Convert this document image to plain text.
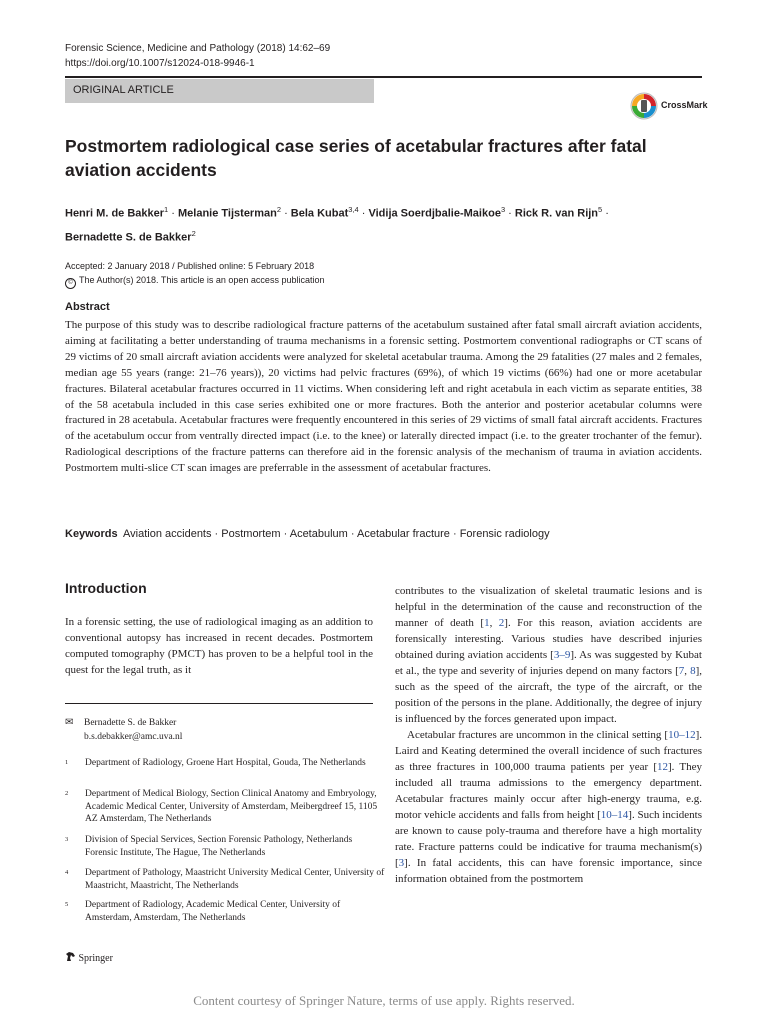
Forensic Science, Medicine and Pathology (2018) 14:62–69
https://doi.org/10.1007/s12024-018-9946-1
ORIGINAL ARTICLE
CrossMark
Postmortem radiological case series of acetabular fractures after fatal aviation accidents
Henri M. de Bakker$^1$ · Melanie Tijsterman$^2$ · Bela Kubat$^{3,4}$ · Vidija Soerdjbalie-Maikoe$^3$ · Rick R. van Rijn$^5$ ·
Bernadette S. de Bakker$^2$
Accepted: 2 January 2018 / Published online: 5 February 2018
© The Author(s) 2018. This article is an open access publication
Abstract
The purpose of this study was to describe radiological fracture patterns of the acetabulum sustained after fatal small aircraft aviation accidents, aiming at facilitating a better understanding of trauma mechanisms in a forensic setting. Postmortem conventional radiographs or CT scans of 29 victims of 20 small aircraft aviation accidents were analyzed for skeletal acetabular trauma. Among the 29 fatalities (27 males and 2 females, median age 55 years (range: 21–76 years)), 20 victims had pelvic fractures (69%), of which 19 victims (66%) had one or more acetabular fractures. Bilateral acetabular fractures occurred in 11 victims. When considering left and right acetabula in each victim as separate entities, 38 of the 58 acetabula included in this case series exhibited one or more fractures. Both the anterior and posterior acetabular columns were fractured in 28 acetabula. Acetabular fractures were frequently encountered in this series of 29 victims of small fatal aircraft accidents. Fractures of the acetabulum occur from ventrally directed impact (i.e. to the knee) or laterally directed impact (i.e. to the greater trochanter of the femur). Radiological descriptions of the fracture patterns can therefore aid in the forensic analysis of the mechanism of trauma in aviation accidents. Postmortem multi-slice CT scan images are preferrable in the assessment of acetabular fractures.
Keywords Aviation accidents · Postmortem · Acetabulum · Acetabular fracture · Forensic radiology
Introduction
In a forensic setting, the use of radiological imaging as an addition to conventional autopsy has increased in recent decades. Postmortem computed tomography (PMCT) has proven to be a helpful tool in the quest for the legal truth, as it

contributes to the visualization of skeletal traumatic lesions and is helpful in the determination of the cause and reconstruction of the manner of death [1, 2]. For this reason, aviation accidents are forensically interesting. Various studies have described injuries obtained during aviation accidents [3–9]. As was suggested by Kubat et al., the type and severity of injuries depend on many factors [7, 8], such as the speed of the aircraft, the type of the aircraft, or the position of the persons in the plane. Additionally, the degree of injury is influenced by the forces generated upon impact.

Acetabular fractures are uncommon in the clinical setting [10–12]. Laird and Keating determined the overall incidence of such fractures as three fractures in 100,000 trauma patients per year [12]. They included all trauma admissions to the emergency department. Acetabular fractures mainly occur after high-energy trauma, e.g. motor vehicle accidents and falls from height [10–14]. Such incidents are known to cause poly-trauma and therefore have a high mortality rate. Fracture patterns could be indicative for trauma mechanism(s) [3]. In fatal accidents, this can have forensic importance, since information obtained from the postmortem

✉ Bernadette S. de Bakker
b.s.debakker@amc.uva.nl
1	Department of Radiology, Groene Hart Hospital, Gouda, The Netherlands
2	Department of Medical Biology, Section Clinical Anatomy and Embryology, Academic Medical Center, University of Amsterdam, Meibergdreef 15, 1105 AZ Amsterdam, The Netherlands
3	Division of Special Services, Section Forensic Pathology, Netherlands Forensic Institute, The Hague, The Netherlands
4	Department of Pathology, Maastricht University Medical Center, University of Maastricht, Maastricht, The Netherlands
5	Department of Radiology, Academic Medical Center, University of Amsterdam, Amsterdam, The Netherlands
Springer
Content courtesy of Springer Nature, terms of use apply. Rights reserved.
